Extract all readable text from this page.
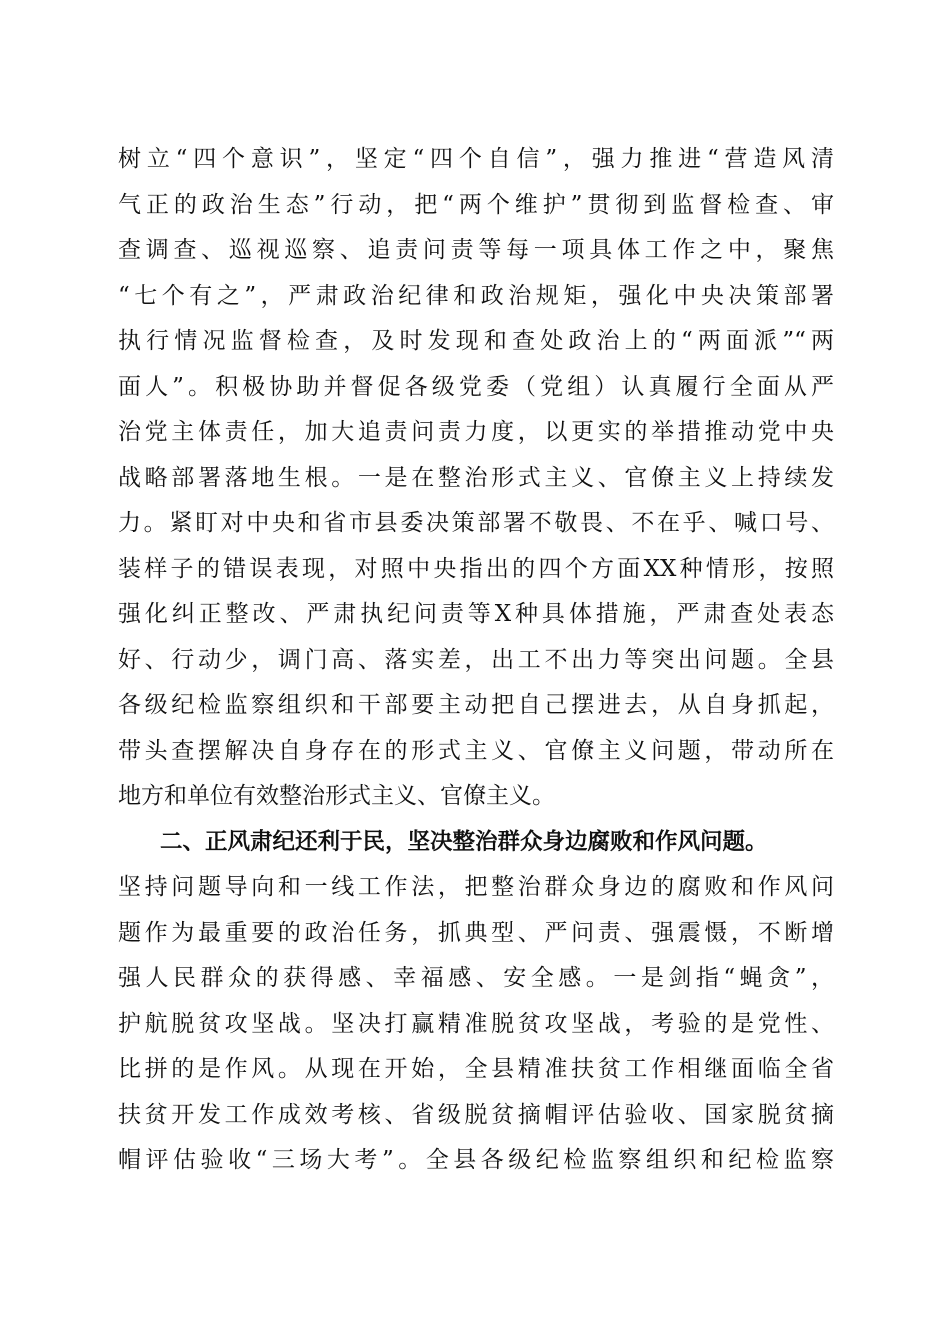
树立“四个意识”，坚定“四个自信”，强力推进“营造风清
气正的政治生态”行动，把“两个维护”贯彻到监督检查、审
查调查、巡视巡察、追责问责等每一项具体工作之中，聚焦
“七个有之”，严肃政治纪律和政治规矩，强化中央决策部署
执行情况监督检查，及时发现和查处政治上的“两面派”“两
面人”。积极协助并督促各级党委（党组）认真履行全面从严
治党主体责任，加大追责问责力度，以更实的举措推动党中央
战略部署落地生根。一是在整治形式主义、官僚主义上持续发
力。紧盯对中央和省市县委决策部署不敬畏、不在乎、喊口号、
装样子的错误表现，对照中央指出的四个方面XX种情形，按照
强化纠正整改、严肃执纪问责等X种具体措施，严肃查处表态
好、行动少，调门高、落实差，出工不出力等突出问题。全县
各级纪检监察组织和干部要主动把自己摆进去，从自身抓起，
带头查摆解决自身存在的形式主义、官僚主义问题，带动所在
地方和单位有效整治形式主义、官僚主义。
二、正风肃纪还利于民，坚决整治群众身边腐败和作风问题。
坚持问题导向和一线工作法，把整治群众身边的腐败和作风问
题作为最重要的政治任务，抓典型、严问责、强震慑，不断增
强人民群众的获得感、幸福感、安全感。一是剑指“蝇贪”，
护航脱贫攻坚战。坚决打赢精准脱贫攻坚战，考验的是党性、
比拼的是作风。从现在开始，全县精准扶贫工作相继面临全省
扶贫开发工作成效考核、省级脱贫摘帽评估验收、国家脱贫摘
帽评估验收“三场大考”。全县各级纪检监察组织和纪检监察
